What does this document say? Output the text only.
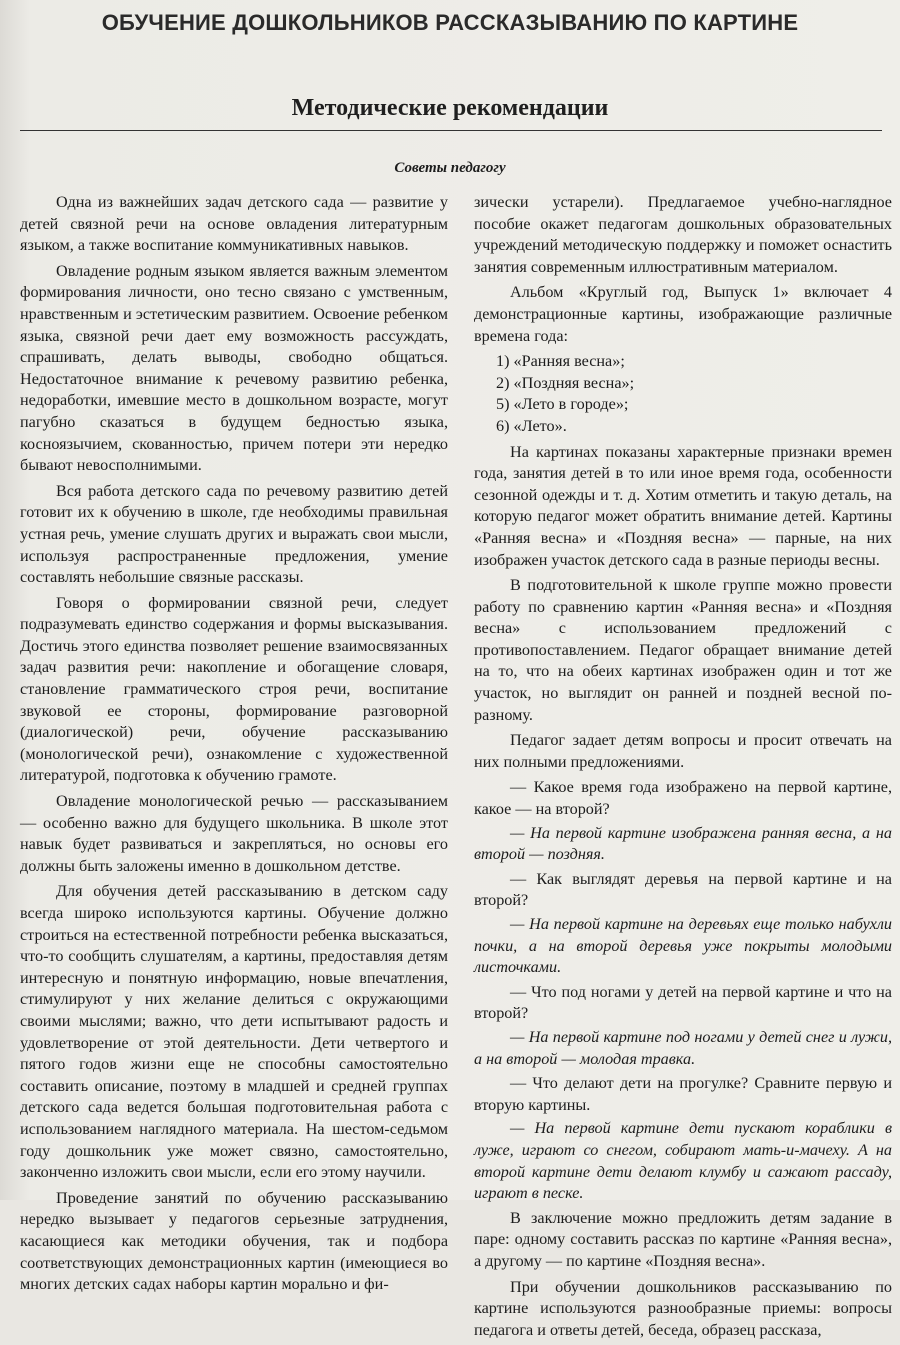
ОБУЧЕНИЕ ДОШКОЛЬНИКОВ РАССКАЗЫВАНИЮ ПО КАРТИНЕ
Методические рекомендации
Советы педагогу

Одна из важнейших задач детского сада — развитие у детей связной речи на основе овладения литературным языком, а также воспитание коммуникативных навыков.

Овладение родным языком является важным элементом формирования личности, оно тесно связано с умственным, нравственным и эстетическим развитием. Освоение ребенком языка, связной речи дает ему возможность рассуждать, спрашивать, делать выводы, свободно общаться. Недостаточное внимание к речевому развитию ребенка, недоработки, имевшие место в дошкольном возрасте, могут пагубно сказаться в будущем бедностью языка, косноязычием, скованностью, причем потери эти нередко бывают невосполнимыми.

Вся работа детского сада по речевому развитию детей готовит их к обучению в школе, где необходимы правильная устная речь, умение слушать других и выражать свои мысли, используя распространенные предложения, умение составлять небольшие связные рассказы.

Говоря о формировании связной речи, следует подразумевать единство содержания и формы высказывания. Достичь этого единства позволяет решение взаимосвязанных задач развития речи: накопление и обогащение словаря, становление грамматического строя речи, воспитание звуковой ее стороны, формирование разговорной (диалогической) речи, обучение рассказыванию (монологической речи), ознакомление с художественной литературой, подготовка к обучению грамоте.

Овладение монологической речью — рассказыванием — особенно важно для будущего школьника. В школе этот навык будет развиваться и закрепляться, но основы его должны быть заложены именно в дошкольном детстве.

Для обучения детей рассказыванию в детском саду всегда широко используются картины. Обучение должно строиться на естественной потребности ребенка высказаться, что-то сообщить слушателям, а картины, предоставляя детям интересную и понятную информацию, новые впечатления, стимулируют у них желание делиться с окружающими своими мыслями; важно, что дети испытывают радость и удовлетворение от этой деятельности. Дети четвертого и пятого годов жизни еще не способны самостоятельно составить описание, поэтому в младшей и средней группах детского сада ведется большая подготовительная работа с использованием наглядного материала. На шестом-седьмом году дошкольник уже может связно, самостоятельно, законченно изложить свои мысли, если его этому научили.

Проведение занятий по обучению рассказыванию нередко вызывает у педагогов серьезные затруднения, касающиеся как методики обучения, так и подбора соответствующих демонстрационных картин (имеющиеся во многих детских садах наборы картин морально и фи-

зически устарели). Предлагаемое учебно-наглядное пособие окажет педагогам дошкольных образовательных учреждений методическую поддержку и поможет оснастить занятия современным иллюстративным материалом.

Альбом «Круглый год, Выпуск 1» включает 4 демонстрационные картины, изображающие различные времена года:

1) «Ранняя весна»;

2) «Поздняя весна»;

5) «Лето в городе»;

6) «Лето».

На картинах показаны характерные признаки времен года, занятия детей в то или иное время года, особенности сезонной одежды и т. д. Хотим отметить и такую деталь, на которую педагог может обратить внимание детей. Картины «Ранняя весна» и «Поздняя весна» — парные, на них изображен участок детского сада в разные периоды весны.

В подготовительной к школе группе можно провести работу по сравнению картин «Ранняя весна» и «Поздняя весна» с использованием предложений с противопоставлением. Педагог обращает внимание детей на то, что на обеих картинах изображен один и тот же участок, но выглядит он ранней и поздней весной по-разному.

Педагог задает детям вопросы и просит отвечать на них полными предложениями.

— Какое время года изображено на первой картине, какое — на второй?

— На первой картине изображена ранняя весна, а на второй — поздняя.

— Как выглядят деревья на первой картине и на второй?

— На первой картине на деревьях еще только набухли почки, а на второй деревья уже покрыты молодыми листочками.

— Что под ногами у детей на первой картине и что на второй?

— На первой картине под ногами у детей снег и лужи, а на второй — молодая травка.

— Что делают дети на прогулке? Сравните первую и вторую картины.

— На первой картине дети пускают кораблики в луже, играют со снегом, собирают мать-и-мачеху. А на второй картине дети делают клумбу и сажают рассаду, играют в песке.

В заключение можно предложить детям задание в паре: одному составить рассказ по картине «Ранняя весна», а другому — по картине «Поздняя весна».

При обучении дошкольников рассказыванию по картине используются разнообразные приемы: вопросы педагога и ответы детей, беседа, образец рассказа,
